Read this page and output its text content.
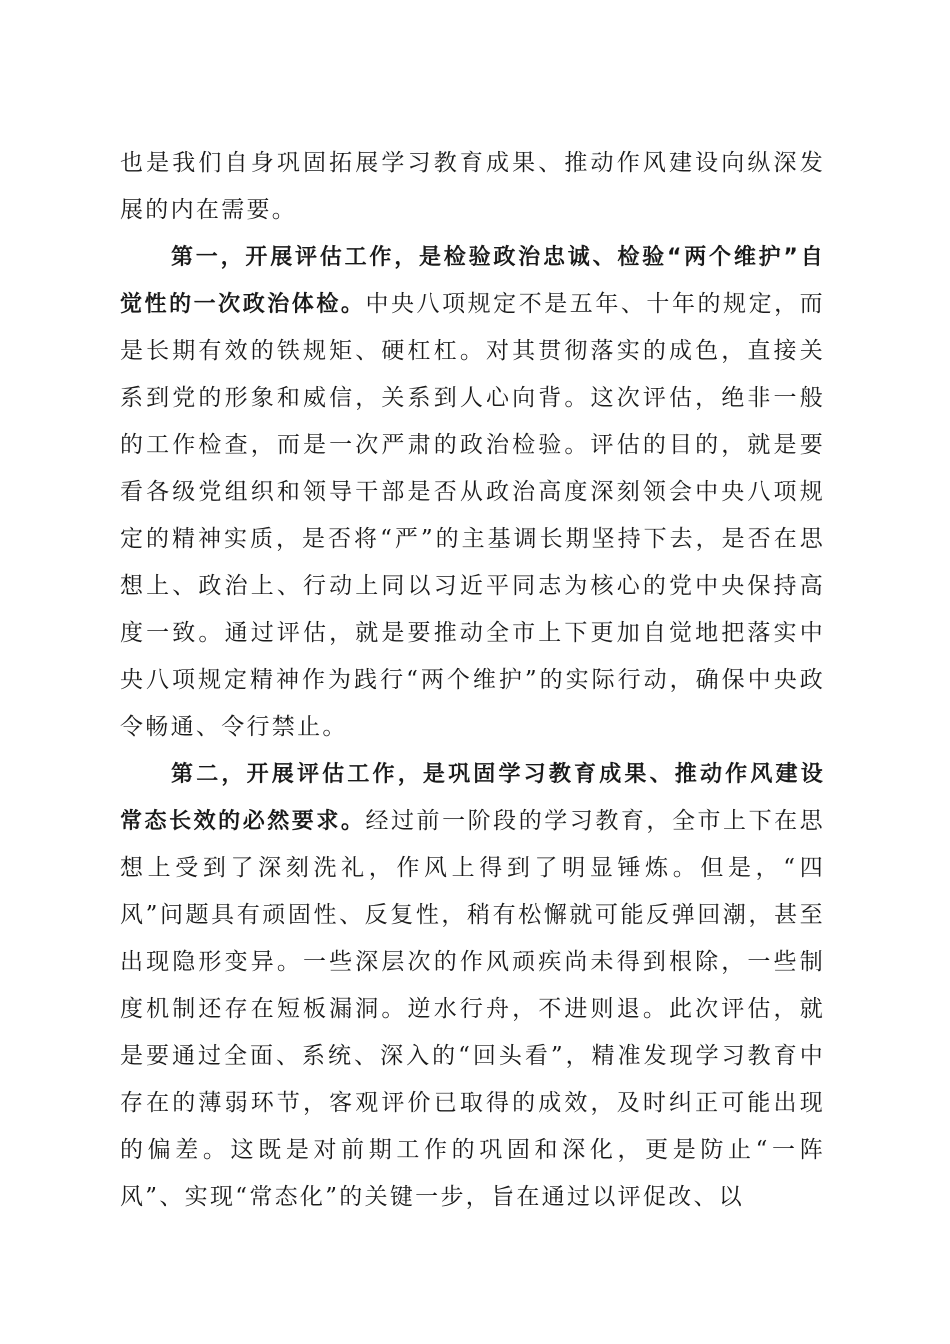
也是我们自身巩固拓展学习教育成果、推动作风建设向纵深发展的内在需要。

第一，开展评估工作，是检验政治忠诚、检验“两个维护”自觉性的一次政治体检。中央八项规定不是五年、十年的规定，而是长期有效的铁规矩、硬杠杠。对其贯彻落实的成色，直接关系到党的形象和威信，关系到人心向背。这次评估，绝非一般的工作检查，而是一次严肃的政治检验。评估的目的，就是要看各级党组织和领导干部是否从政治高度深刻领会中央八项规定的精神实质，是否将“严”的主基调长期坚持下去，是否在思想上、政治上、行动上同以习近平同志为核心的党中央保持高度一致。通过评估，就是要推动全市上下更加自觉地把落实中央八项规定精神作为践行“两个维护”的实际行动，确保中央政令畅通、令行禁止。

第二，开展评估工作，是巩固学习教育成果、推动作风建设常态长效的必然要求。经过前一阶段的学习教育，全市上下在思想上受到了深刻洗礼，作风上得到了明显锤炼。但是，“四风”问题具有顽固性、反复性，稍有松懈就可能反弹回潮，甚至出现隐形变异。一些深层次的作风顽疾尚未得到根除，一些制度机制还存在短板漏洞。逆水行舟，不进则退。此次评估，就是要通过全面、系统、深入的“回头看”，精准发现学习教育中存在的薄弱环节，客观评价已取得的成效，及时纠正可能出现的偏差。这既是对前期工作的巩固和深化，更是防止“一阵风”、实现“常态化”的关键一步，旨在通过以评促改、以
